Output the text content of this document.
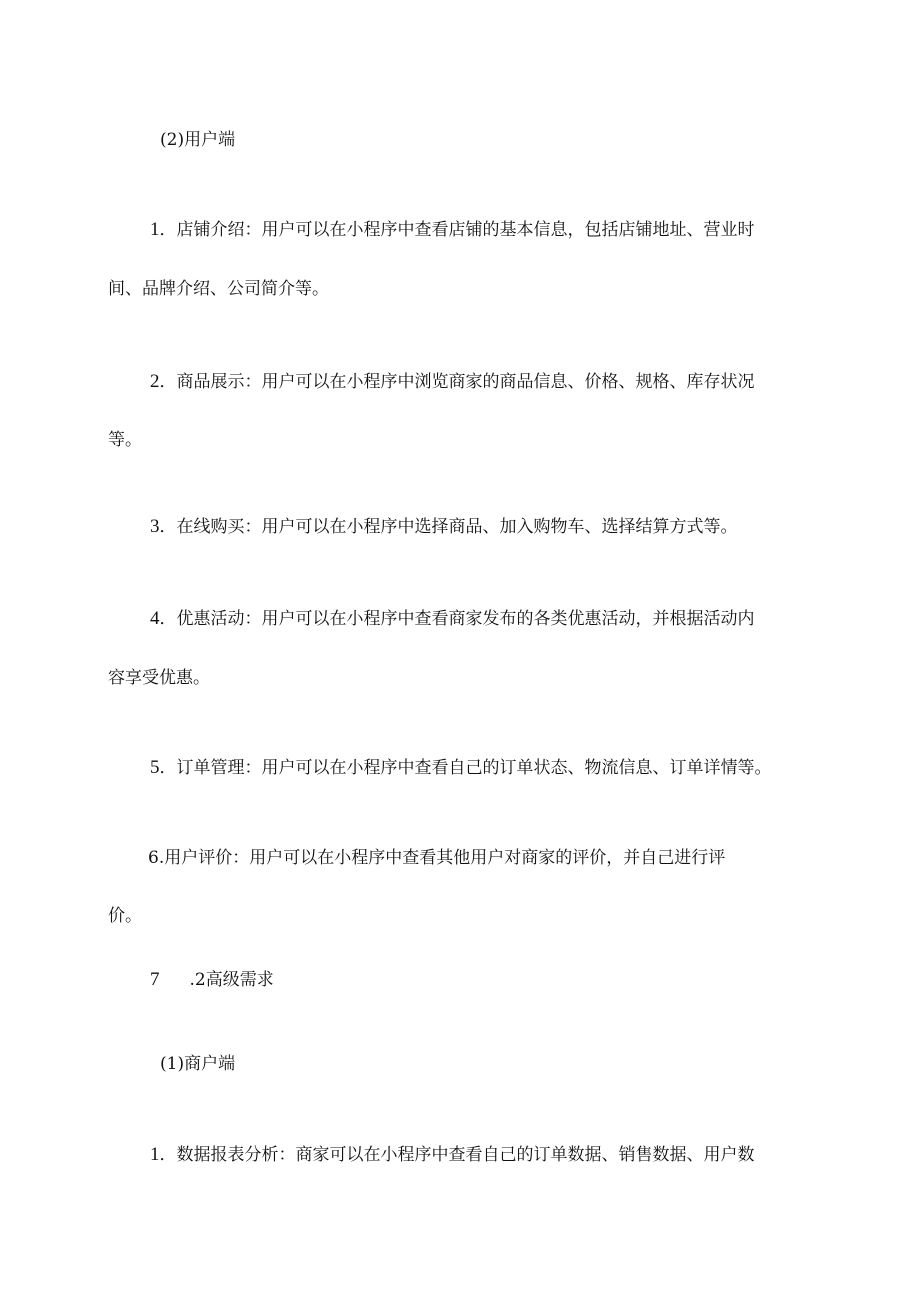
(2)用户端
1．店铺介绍：用户可以在小程序中查看店铺的基本信息，包括店铺地址、营业时
间、品牌介绍、公司简介等。
2．商品展示：用户可以在小程序中浏览商家的商品信息、价格、规格、库存状况
等。
3．在线购买：用户可以在小程序中选择商品、加入购物车、选择结算方式等。
4．优惠活动：用户可以在小程序中查看商家发布的各类优惠活动，并根据活动内
容享受优惠。
5．订单管理：用户可以在小程序中查看自己的订单状态、物流信息、订单详情等。
6.用户评价：用户可以在小程序中查看其他用户对商家的评价，并自己进行评
价。
7 .2高级需求
(1)商户端
1．数据报表分析：商家可以在小程序中查看自己的订单数据、销售数据、用户数
